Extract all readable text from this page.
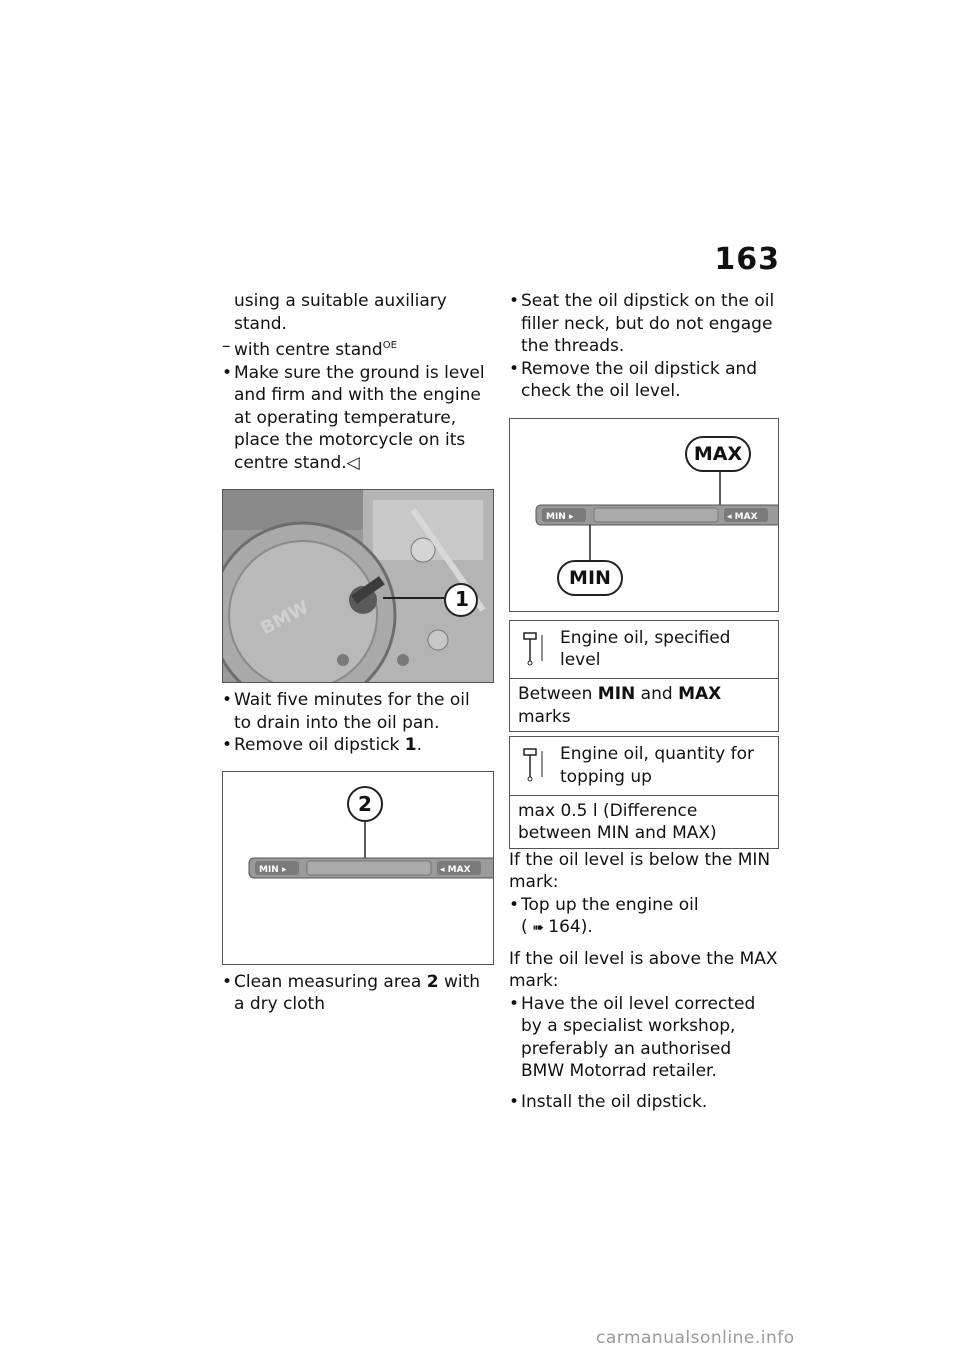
163
using a suitable auxiliary
stand.
– with centre stand$^{OE}$
• Make sure the ground is level
and firm and with the engine
at operating temperature,
place the motorcycle on its
centre stand.◁
BMW	1
• Wait five minutes for the oil
to drain into the oil pan.
• Remove oil dipstick 1.
MIN ▸	◂ MAX
2
• Clean measuring area 2 with
a dry cloth
• Seat the oil dipstick on the oil
filler neck, but do not engage
the threads.
• Remove the oil dipstick and
check the oil level.
MIN ▸	◂ MAX
MAX
MIN
Engine oil, specified
level
Between MIN and MAX
marks
Engine oil, quantity for
topping up
max 0.5 l (Difference
between MIN and MAX)
If the oil level is below the MIN
mark:
• Top up the engine oil
( ➠ 164).
If the oil level is above the MAX
mark:
• Have the oil level corrected
by a specialist workshop,
preferably an authorised
BMW Motorrad retailer.
• Install the oil dipstick.
carmanualsonline.info
